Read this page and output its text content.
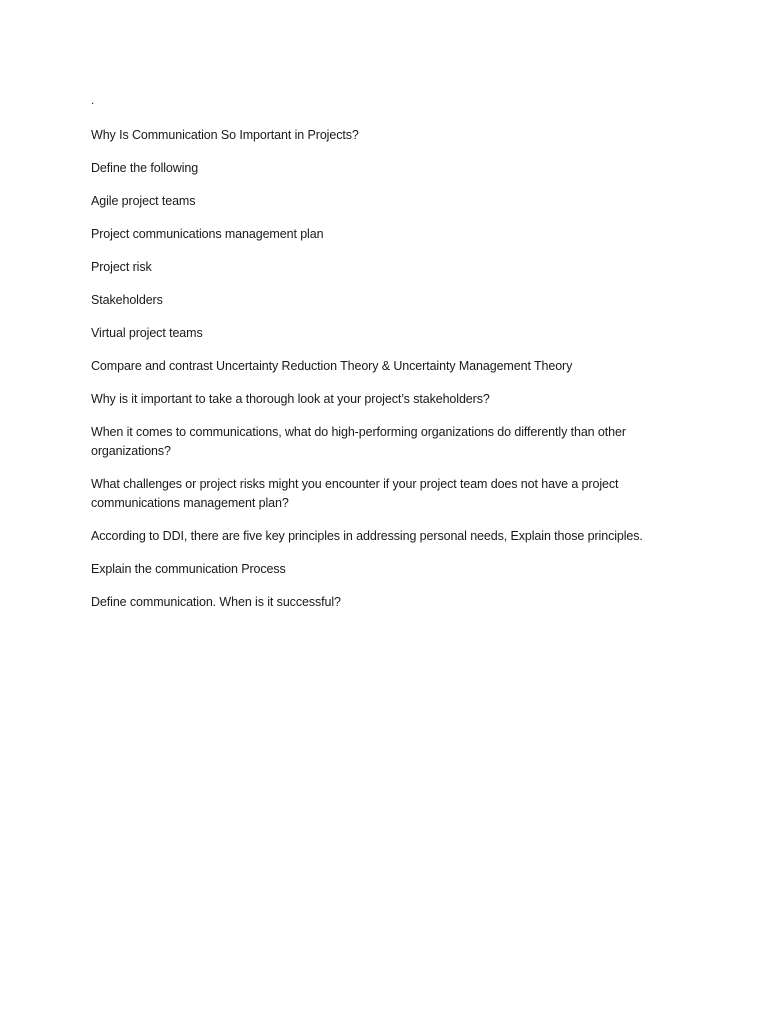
.

Why Is Communication So Important in Projects?

Define the following

Agile project teams

Project communications management plan

Project risk

Stakeholders

Virtual project teams

Compare and contrast Uncertainty Reduction Theory & Uncertainty Management Theory

Why is it important to take a thorough look at your project’s stakeholders?

When it comes to communications, what do high-performing organizations do differently than other organizations?

What challenges or project risks might you encounter if your project team does not have a project communications management plan?

According to DDI, there are five key principles in addressing personal needs, Explain those principles.

Explain the communication Process

Define communication. When is it successful?
